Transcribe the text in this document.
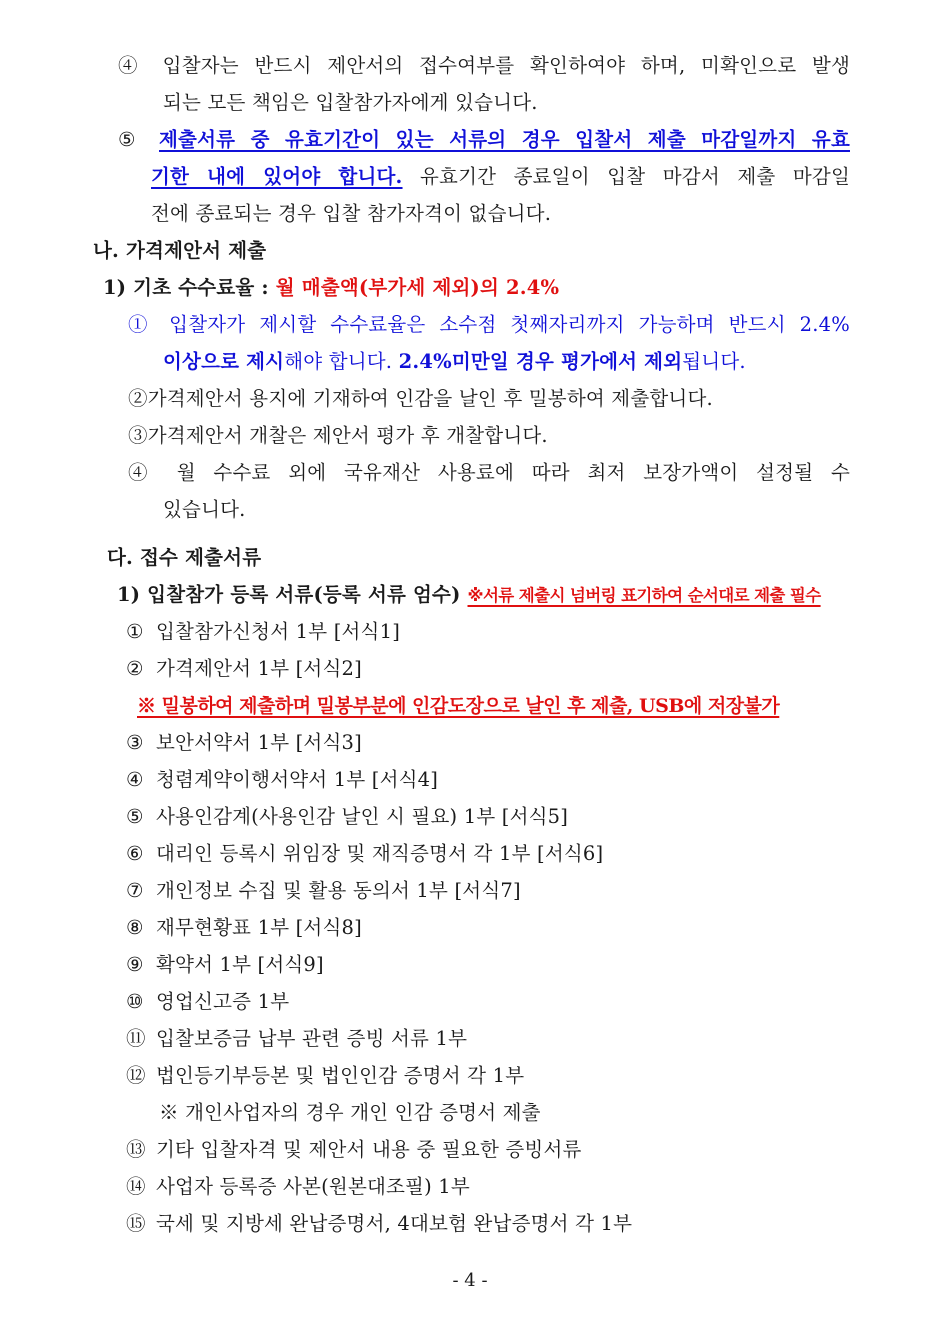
④ 입찰자는 반드시 제안서의 접수여부를 확인하여야 하며, 미확인으로 발생
되는 모든 책임은 입찰참가자에게 있습니다.
⑤ 제출서류 중 유효기간이 있는 서류의 경우 입찰서 제출 마감일까지 유효
기한 내에 있어야 합니다. 유효기간 종료일이 입찰 마감서 제출 마감일
전에 종료되는 경우 입찰 참가자격이 없습니다.
나. 가격제안서 제출
1) 기초 수수료율 : 월 매출액(부가세 제외)의 2.4%
① 입찰자가 제시할 수수료율은 소수점 첫째자리까지 가능하며 반드시 2.4%
이상으로 제시해야 합니다. 2.4%미만일 경우 평가에서 제외됩니다.
②가격제안서 용지에 기재하여 인감을 날인 후 밀봉하여 제출합니다.
③가격제안서 개찰은 제안서 평가 후 개찰합니다.
④ 월 수수료 외에 국유재산 사용료에 따라 최저 보장가액이 설정될 수
있습니다.
다. 접수 제출서류
1) 입찰참가 등록 서류(등록 서류 엄수) ※서류 제출시 넘버링 표기하여 순서대로 제출 필수
① 입찰참가신청서 1부 [서식1]
② 가격제안서 1부 [서식2]
※ 밀봉하여 제출하며 밀봉부분에 인감도장으로 날인 후 제출, USB에 저장불가
③ 보안서약서 1부 [서식3]
④ 청렴계약이행서약서 1부 [서식4]
⑤ 사용인감계(사용인감 날인 시 필요) 1부 [서식5]
⑥ 대리인 등록시 위임장 및 재직증명서 각 1부 [서식6]
⑦ 개인정보 수집 및 활용 동의서 1부 [서식7]
⑧ 재무현황표 1부 [서식8]
⑨ 확약서 1부 [서식9]
⑩ 영업신고증 1부
⑪ 입찰보증금 납부 관련 증빙 서류 1부
⑫ 법인등기부등본 및 법인인감 증명서 각 1부
※ 개인사업자의 경우 개인 인감 증명서 제출
⑬ 기타 입찰자격 및 제안서 내용 중 필요한 증빙서류
⑭ 사업자 등록증 사본(원본대조필) 1부
⑮ 국세 및 지방세 완납증명서, 4대보험 완납증명서 각 1부
- 4 -
